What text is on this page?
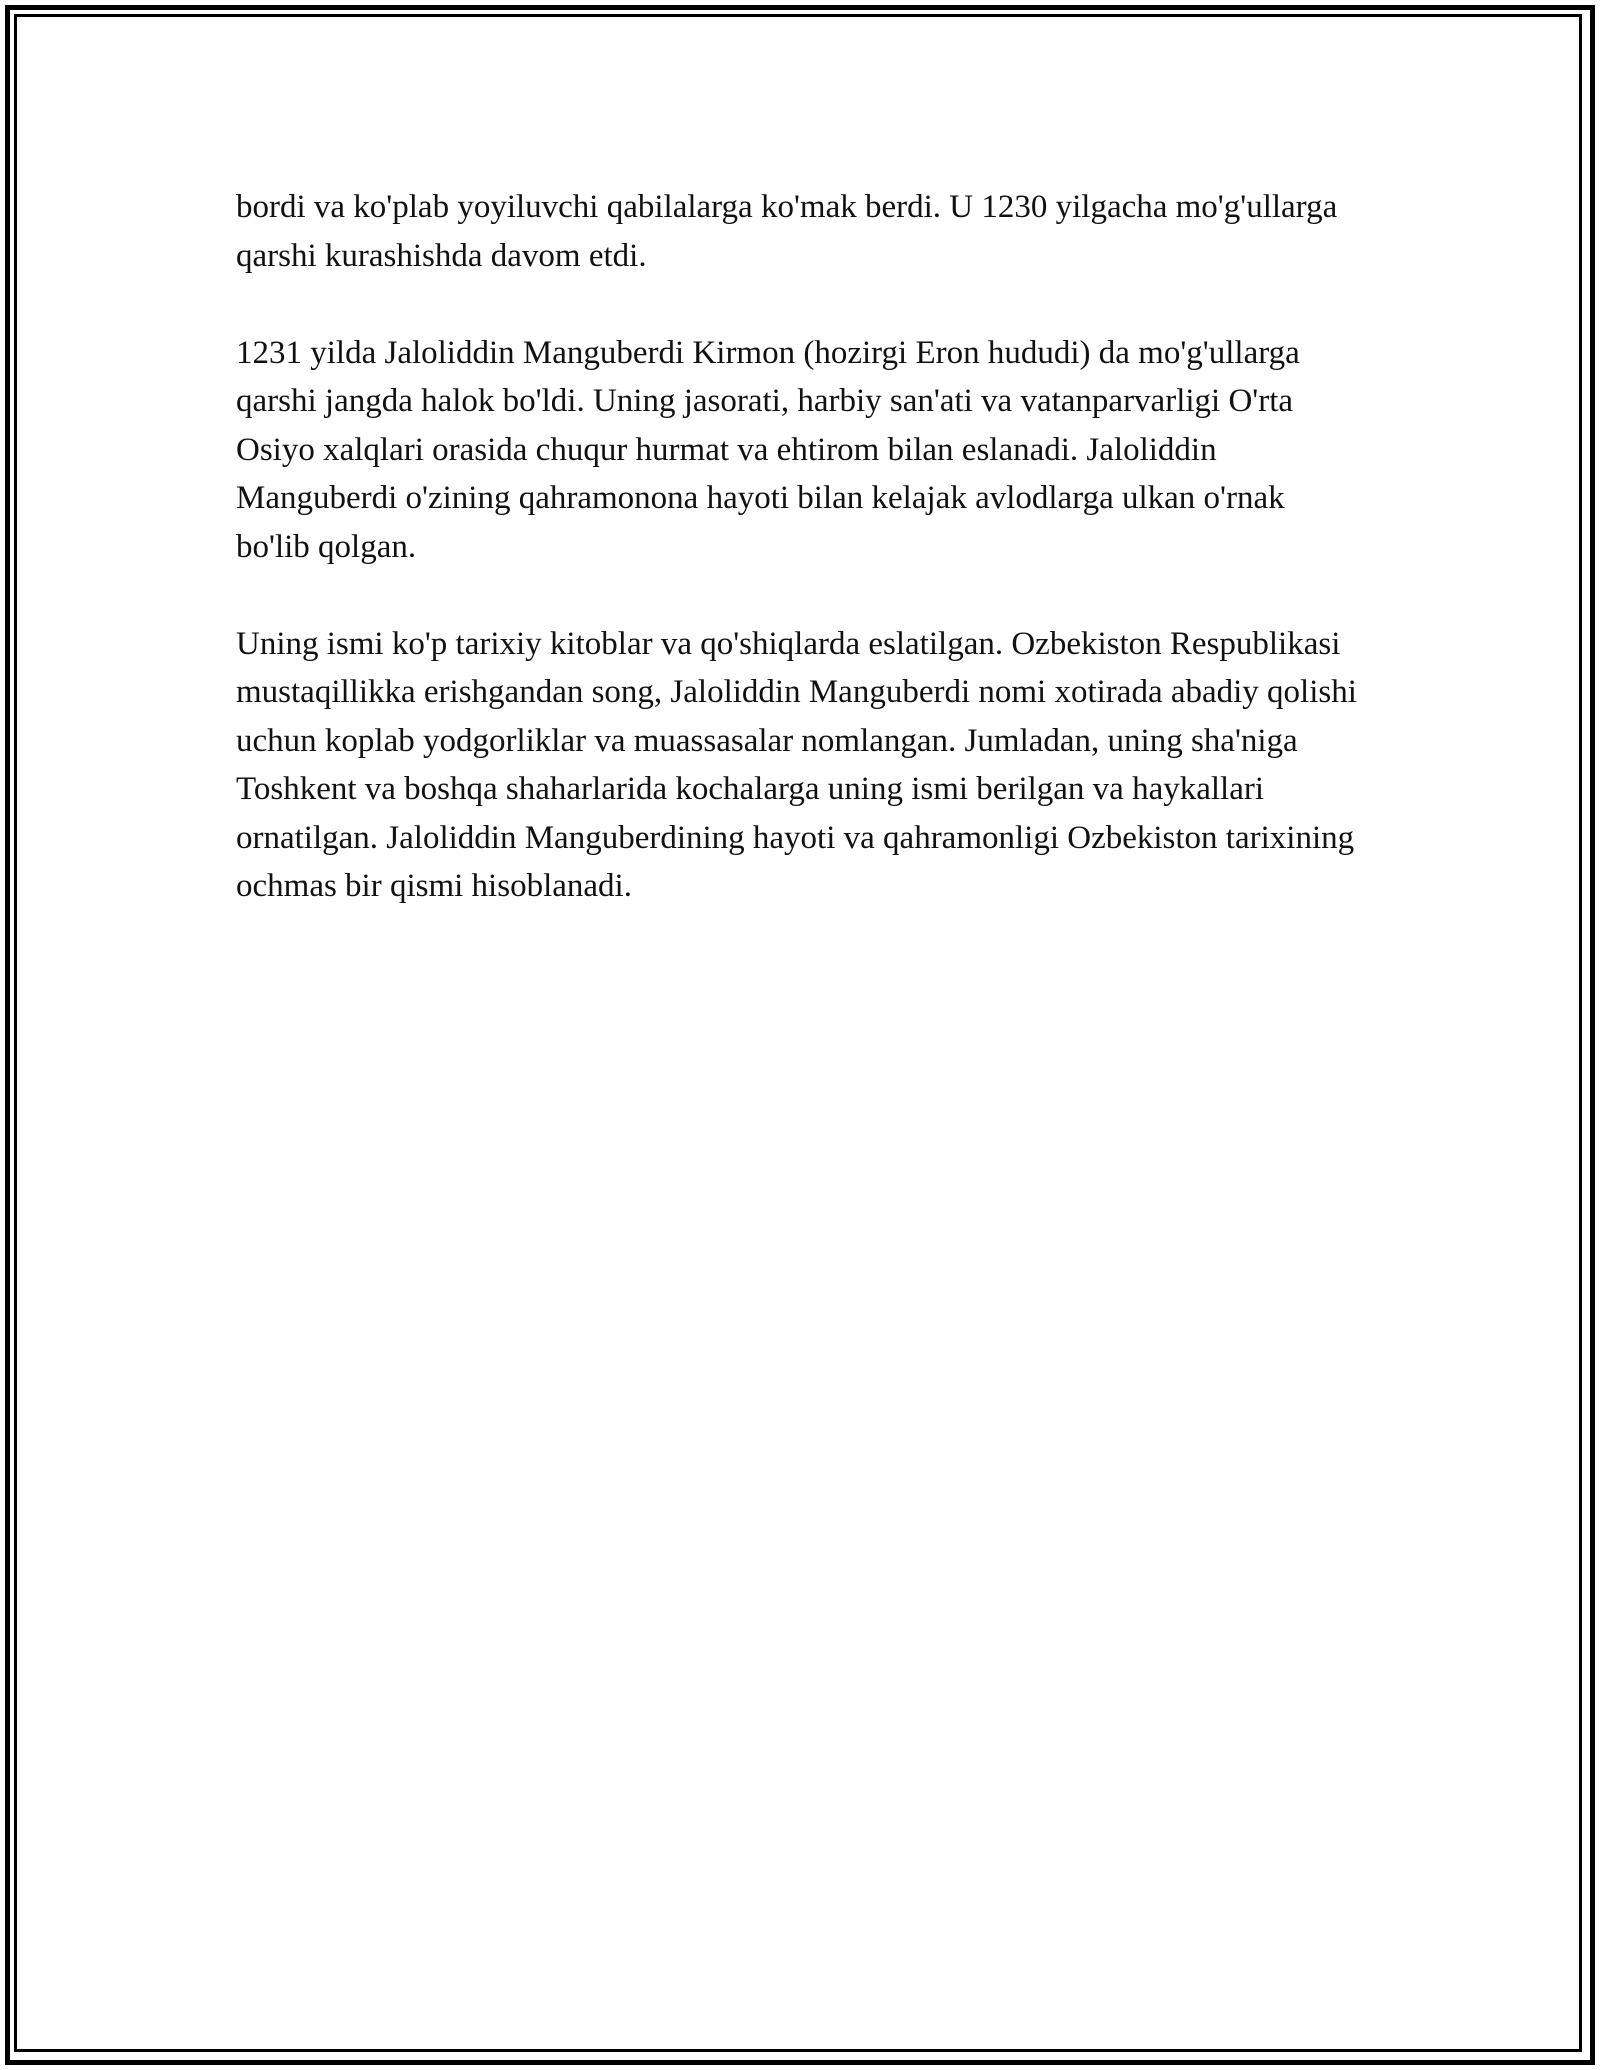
bordi va ko'plab yoyiluvchi qabilalarga ko'mak berdi. U 1230 yilgacha mo'g'ullarga qarshi kurashishda davom etdi.

1231 yilda Jaloliddin Manguberdi Kirmon (hozirgi Eron hududi) da mo'g'ullarga qarshi jangda halok bo'ldi. Uning jasorati, harbiy san'ati va vatanparvarligi O'rta Osiyo xalqlari orasida chuqur hurmat va ehtirom bilan eslanadi. Jaloliddin Manguberdi o'zining qahramonona hayoti bilan kelajak avlodlarga ulkan o'rnak bo'lib qolgan.

Uning ismi ko'p tarixiy kitoblar va qo'shiqlarda eslatilgan. Ozbekiston Respublikasi mustaqillikka erishgandan song, Jaloliddin Manguberdi nomi xotirada abadiy qolishi uchun koplab yodgorliklar va muassasalar nomlangan. Jumladan, uning sha'niga Toshkent va boshqa shaharlarida kochalarga uning ismi berilgan va haykallari ornatilgan. Jaloliddin Manguberdining hayoti va qahramonligi Ozbekiston tarixining ochmas bir qismi hisoblanadi.
